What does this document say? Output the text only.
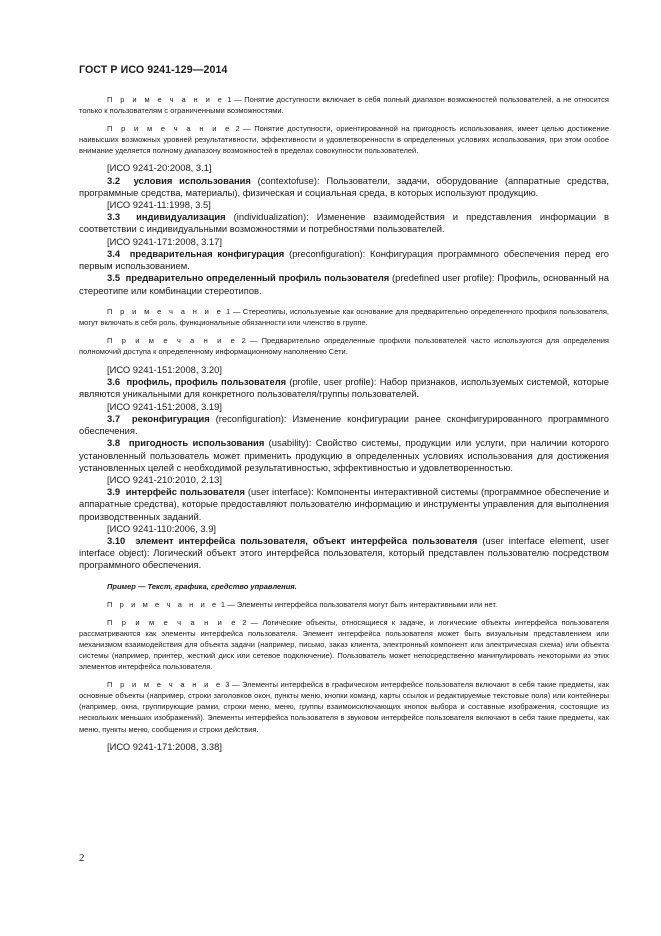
ГОСТ Р ИСО 9241-129—2014

П р и м е ч а н и е 1 — Понятие доступности включает в себя полный диапазон возможностей пользователей, а не относится только к пользователям с ограниченными возможностями.

П р и м е ч а н и е 2 — Понятие доступности, ориентированной на пригодность использования, имеет целью достижение наивысших возможных уровней результативности, эффективности и удовлетворенности в определенных условиях использования, при этом особое внимание уделяется полному диапазону возможностей в пределах совокупности пользователей.

[ИСО 9241-20:2008, 3.1]

3.2 условия использования (contextofuse): Пользователи, задачи, оборудование (аппаратные средства, программные средства, материалы), физическая и социальная среда, в которых используют продукцию.

[ИСО 9241-11:1998, 3.5]

3.3 индивидуализация (individualization): Изменение взаимодействия и представления информации в соответствии с индивидуальными возможностями и потребностями пользователей.

[ИСО 9241-171:2008, 3.17]

3.4 предварительная конфигурация (preconfiguration): Конфигурация программного обеспечения перед его первым использованием.

3.5 предварительно определенный профиль пользователя (predefined user profile): Профиль, основанный на стереотипе или комбинации стереотипов.

П р и м е ч а н и е 1 — Стереотипы, используемые как основание для предварительно определенного профиля пользователя, могут включать в себя роль, функциональные обязанности или членство в группе.

П р и м е ч а н и е 2 — Предварительно определенные профили пользователей часто используются для определения полномочий доступа к определенному информационному наполнению Сети.

[ИСО 9241-151:2008, 3.20]

3.6 профиль, профиль пользователя (profile, user profile): Набор признаков, используемых системой, которые являются уникальными для конкретного пользователя/группы пользователей.

[ИСО 9241-151:2008, 3.19]

3.7 реконфигурация (reconfiguration): Изменение конфигурации ранее сконфигурированного программного обеспечения.

3.8 пригодность использования (usability): Свойство системы, продукции или услуги, при наличии которого установленный пользователь может применить продукцию в определенных условиях использования для достижения установленных целей с необходимой результативностью, эффективностью и удовлетворенностью.

[ИСО 9241-210:2010, 2.13]

3.9 интерфейс пользователя (user interface): Компоненты интерактивной системы (программное обеспечение и аппаратные средства), которые предоставляют пользователю информацию и инструменты управления для выполнения производственных заданий.

[ИСО 9241-110:2006, 3.9]

3.10 элемент интерфейса пользователя, объект интерфейса пользователя (user interface element, user interface object): Логический объект этого интерфейса пользователя, который представлен пользователю посредством программного обеспечения.

Пример — Текст, графика, средство управления.

П р и м е ч а н и е 1 — Элементы интерфейса пользователя могут быть интерактивными или нет.

П р и м е ч а н и е 2 — Логические объекты, относящиеся к задаче, и логические объекты интерфейса пользователя рассматриваются как элементы интерфейса пользователя. Элемент интерфейса пользователя может быть визуальным представлением или механизмом взаимодействия для объекта задачи (например, письмо, заказ клиента, электронный компонент или электрическая схема) или объекта системы (например, принтер, жесткий диск или сетевое подключение). Пользователь может непосредственно манипулировать некоторыми из этих элементов интерфейса пользователя.

П р и м е ч а н и е 3 — Элементы интерфейса в графическом интерфейсе пользователя включают в себя такие предметы, как основные объекты (например, строки заголовков окон, пункты меню, кнопки команд, карты ссылок и редактируемые текстовые поля) или контейнеры (например, окна, группирующие рамки, строки меню, меню, группы взаимоисключающих кнопок выбора и составные изображения, состоящие из нескольких меньших изображений). Элементы интерфейса пользователя в звуковом интерфейсе пользователя включают в себя такие предметы, как меню, пункты меню, сообщения и строки действия.

[ИСО 9241-171:2008, 3.38]

2
